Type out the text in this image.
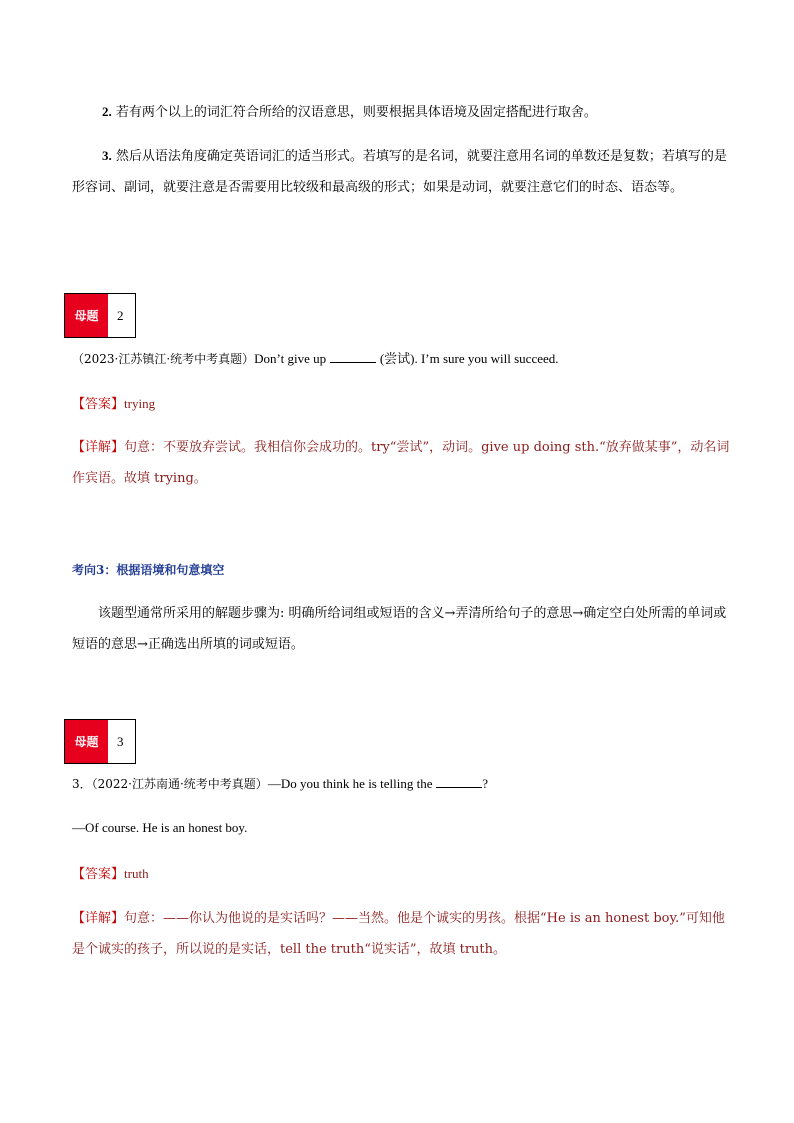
2. 若有两个以上的词汇符合所给的汉语意思，则要根据具体语境及固定搭配进行取舍。
3. 然后从语法角度确定英语词汇的适当形式。若填写的是名词，就要注意用名词的单数还是复数；若填写的是形容词、副词，就要注意是否需要用比较级和最高级的形式；如果是动词，就要注意它们的时态、语态等。
母题	2
（2023·江苏镇江·统考中考真题）Don’t give up	(尝试). I’m sure you will succeed.
【答案】trying
【详解】句意：不要放弃尝试。我相信你会成功的。try“尝试”，动词。give up doing sth.“放弃做某事”，动名词作宾语。故填 trying。
考向3：根据语境和句意填空
该题型通常所采用的解题步骤为: 明确所给词组或短语的含义→弄清所给句子的意思→确定空白处所需的单词或短语的意思→正确选出所填的词或短语。
母题	3
3．（2022·江苏南通·统考中考真题）—Do you think he is telling the	?
—Of course. He is an honest boy.
【答案】truth
【详解】句意：——你认为他说的是实话吗？——当然。他是个诚实的男孩。根据“He is an honest boy.”可知他是个诚实的孩子，所以说的是实话，tell the truth“说实话”，故填 truth。
